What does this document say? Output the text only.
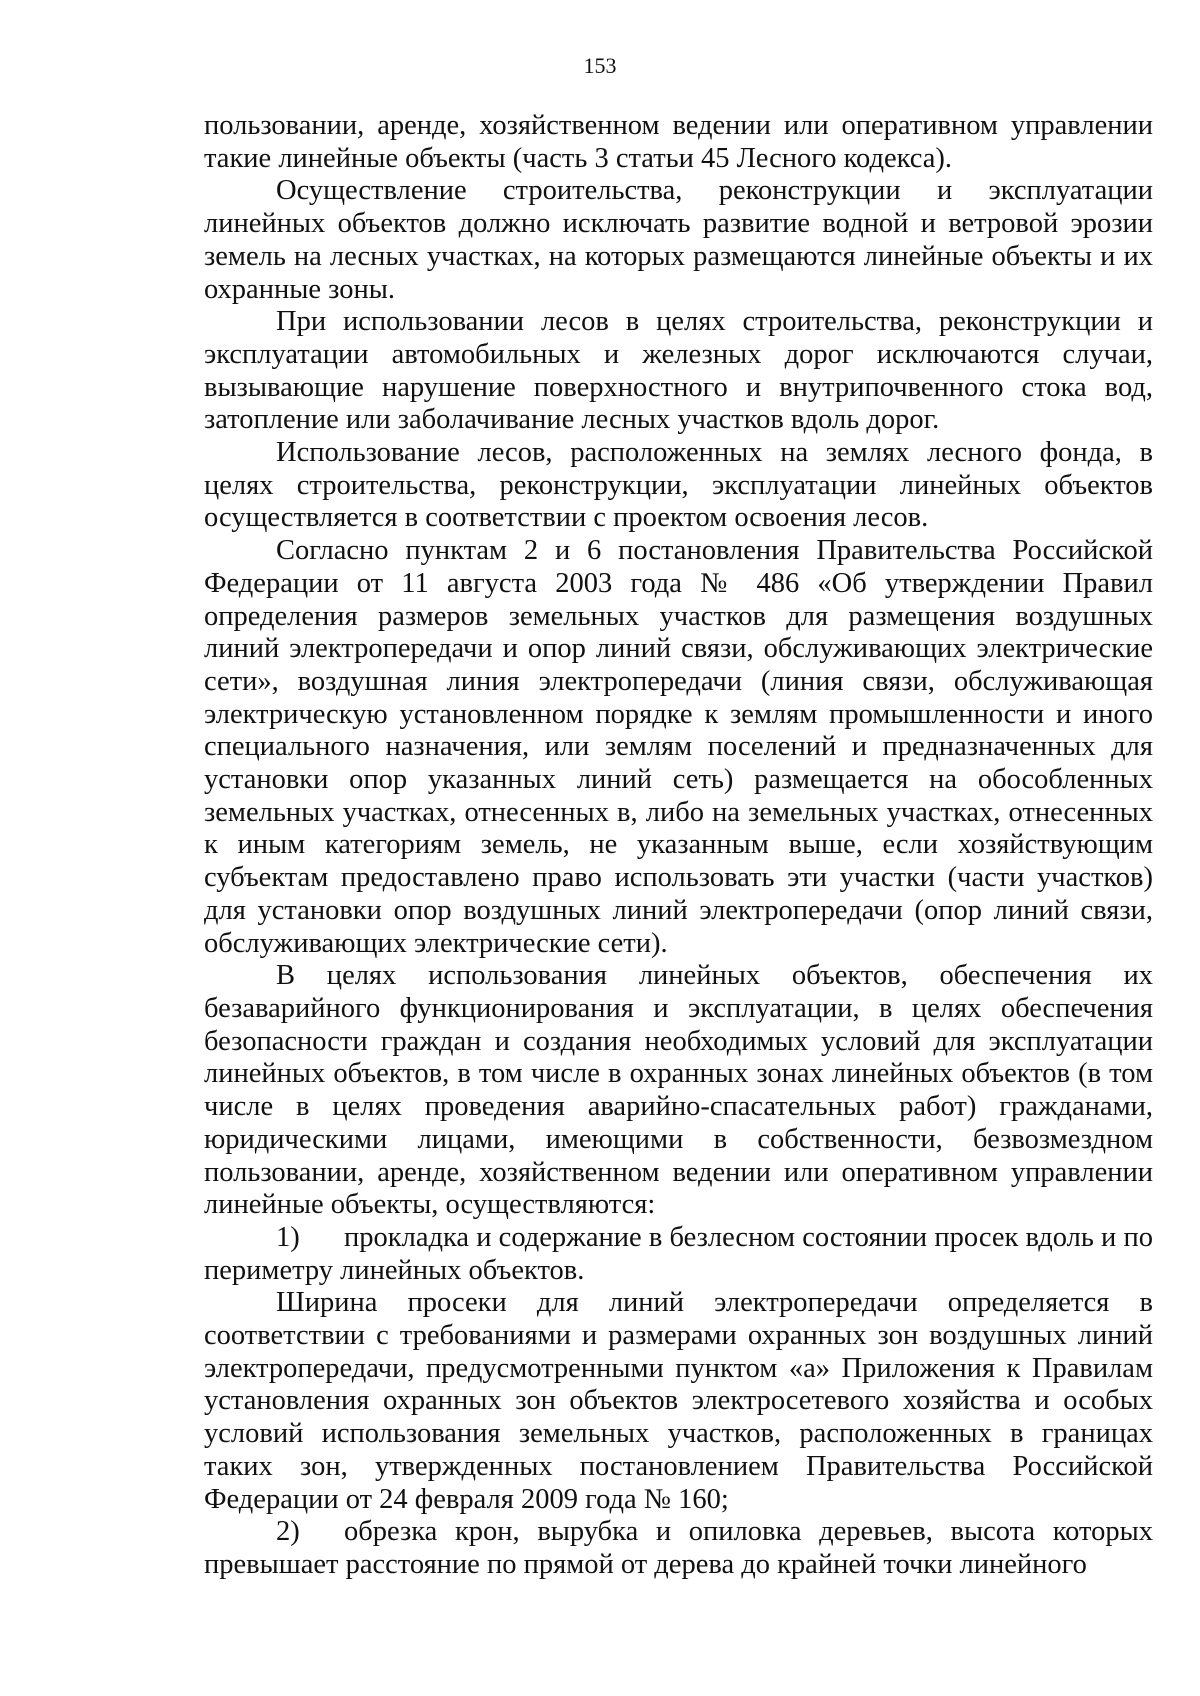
153

пользовании, аренде, хозяйственном ведении или оперативном управлении такие линейные объекты (часть 3 статьи 45 Лесного кодекса).

Осуществление строительства, реконструкции и эксплуатации линейных объектов должно исключать развитие водной и ветровой эрозии земель на лесных участках, на которых размещаются линейные объекты и их охранные зоны.

При использовании лесов в целях строительства, реконструкции и эксплуатации автомобильных и железных дорог исключаются случаи, вызывающие нарушение поверхностного и внутрипочвенного стока вод, затопление или заболачивание лесных участков вдоль дорог.

Использование лесов, расположенных на землях лесного фонда, в целях строительства, реконструкции, эксплуатации линейных объектов осуществляется в соответствии с проектом освоения лесов.

Согласно пунктам 2 и 6 постановления Правительства Российской Федерации от 11 августа 2003 года № 486 «Об утверждении Правил определения размеров земельных участков для размещения воздушных линий электропередачи и опор линий связи, обслуживающих электрические сети», воздушная линия электропередачи (линия связи, обслуживающая электрическую установленном порядке к землям промышленности и иного специального назначения, или землям поселений и предназначенных для установки опор указанных линий сеть) размещается на обособленных земельных участках, отнесенных в, либо на земельных участках, отнесенных к иным категориям земель, не указанным выше, если хозяйствующим субъектам предоставлено право использовать эти участки (части участков) для установки опор воздушных линий электропередачи (опор линий связи, обслуживающих электрические сети).

В целях использования линейных объектов, обеспечения их безаварийного функционирования и эксплуатации, в целях обеспечения безопасности граждан и создания необходимых условий для эксплуатации линейных объектов, в том числе в охранных зонах линейных объектов (в том числе в целях проведения аварийно-спасательных работ) гражданами, юридическими лицами, имеющими в собственности, безвозмездном пользовании, аренде, хозяйственном ведении или оперативном управлении линейные объекты, осуществляются:

1) прокладка и содержание в безлесном состоянии просек вдоль и по периметру линейных объектов.

Ширина просеки для линий электропередачи определяется в соответствии с требованиями и размерами охранных зон воздушных линий электропередачи, предусмотренными пунктом «а» Приложения к Правилам установления охранных зон объектов электросетевого хозяйства и особых условий использования земельных участков, расположенных в границах таких зон, утвержденных постановлением Правительства Российской Федерации от 24 февраля 2009 года № 160;

2) обрезка крон, вырубка и опиловка деревьев, высота которых превышает расстояние по прямой от дерева до крайней точки линейного
